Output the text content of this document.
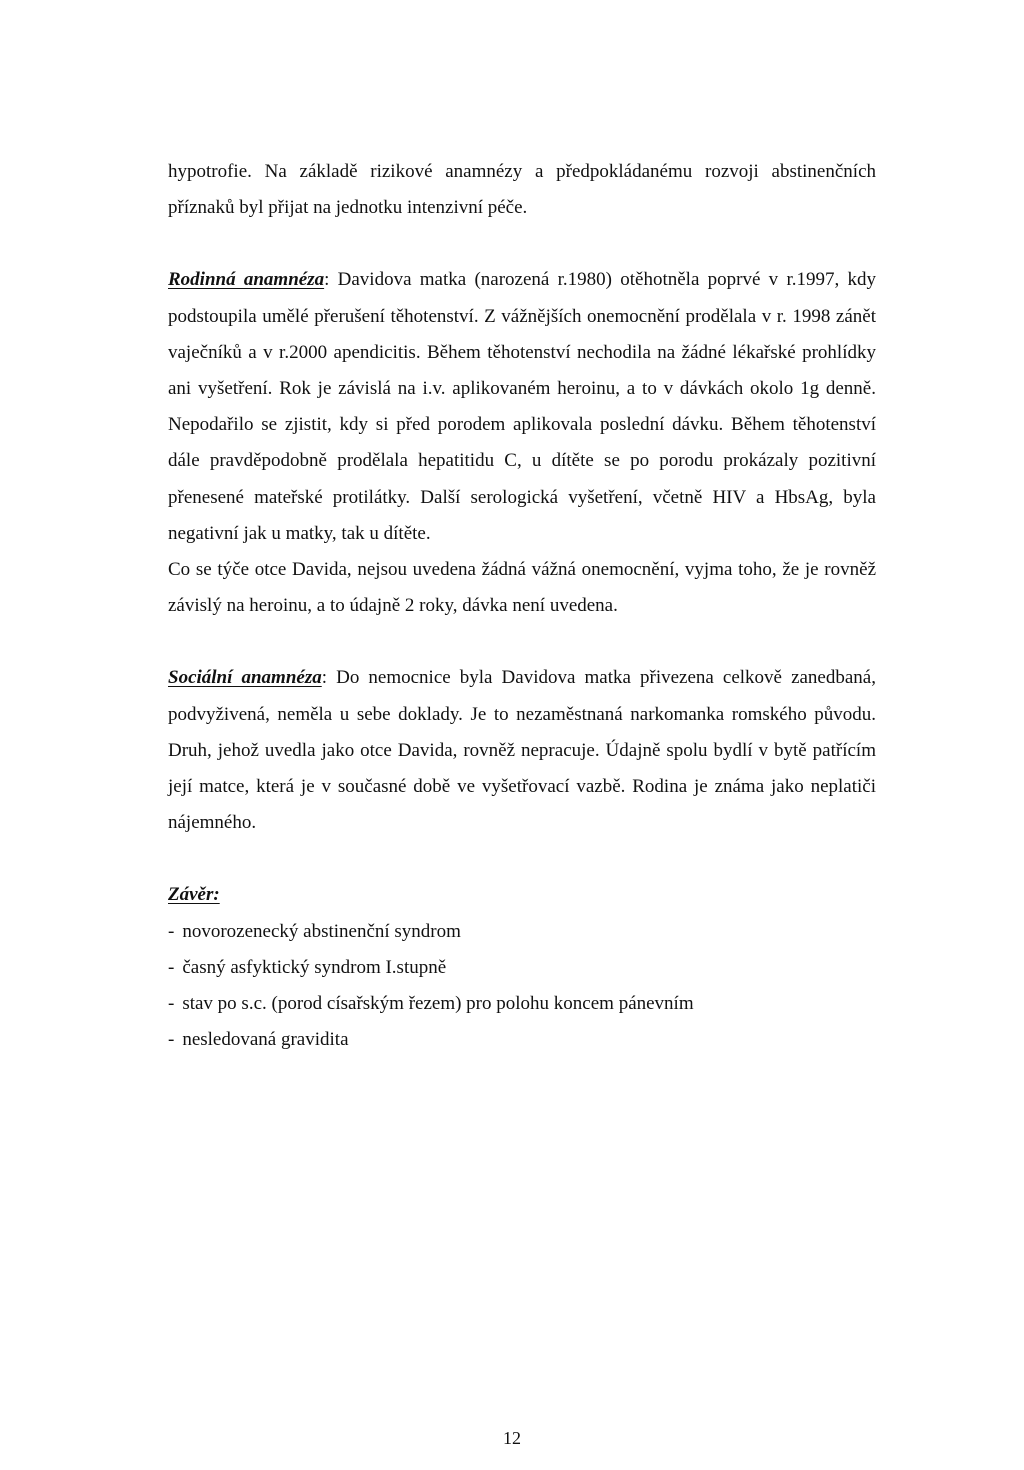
hypotrofie. Na základě rizikové anamnézy a předpokládanému rozvoji abstinenčních příznaků byl přijat na jednotku intenzivní péče.

Rodinná anamnéza: Davidova matka (narozená r.1980) otěhotněla poprvé v r.1997, kdy podstoupila umělé přerušení těhotenství. Z vážnějších onemocnění prodělala v r. 1998 zánět vaječníků a v r.2000 apendicitis. Během těhotenství nechodila na žádné lékařské prohlídky ani vyšetření. Rok je závislá na i.v. aplikovaném heroinu, a to v dávkách okolo 1g denně. Nepodařilo se zjistit, kdy si před porodem aplikovala poslední dávku. Během těhotenství dále pravděpodobně prodělala hepatitidu C, u dítěte se po porodu prokázaly pozitivní přenesené mateřské protilátky. Další serologická vyšetření, včetně HIV a HbsAg, byla negativní jak u matky, tak u dítěte.

Co se týče otce Davida, nejsou uvedena žádná vážná onemocnění, vyjma toho, že je rovněž závislý na heroinu, a to údajně 2 roky, dávka není uvedena.

Sociální anamnéza: Do nemocnice byla Davidova matka přivezena celkově zanedbaná, podvyživená, neměla u sebe doklady. Je to nezaměstnaná narkomanka romského původu. Druh, jehož uvedla jako otce Davida, rovněž nepracuje. Údajně spolu bydlí v bytě patřícím její matce, která je v současné době ve vyšetřovací vazbě. Rodina je známa jako neplatiči nájemného.

Závěr:

- novorozenecký abstinenční syndrom
- časný asfyktický syndrom I.stupně
- stav po s.c. (porod císařským řezem) pro polohu koncem pánevním
- nesledovaná gravidita
12
